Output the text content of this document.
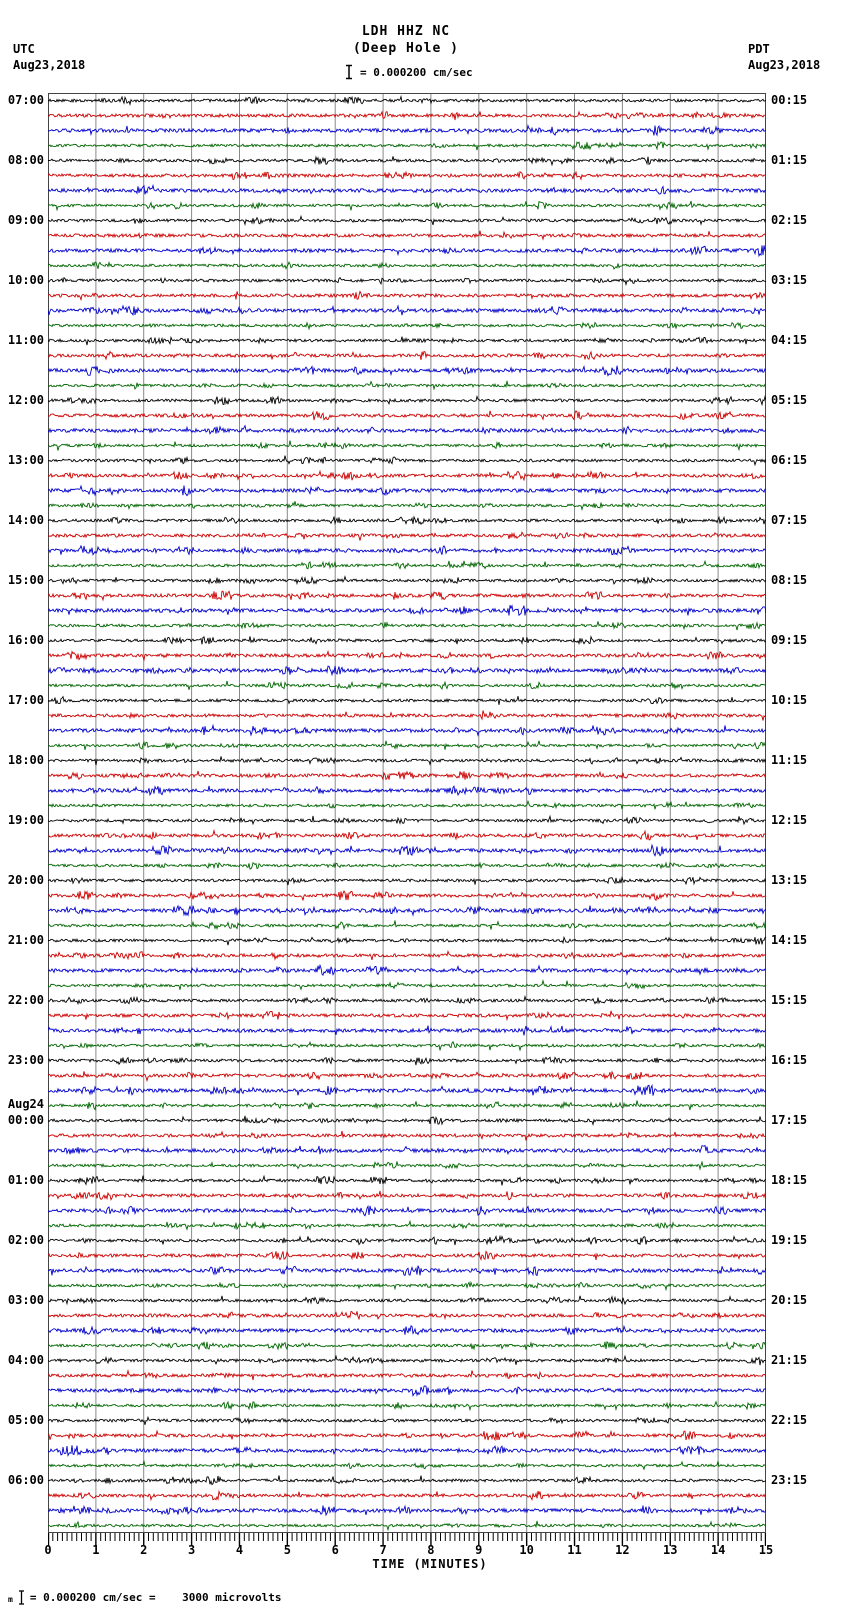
LDH HHZ NC
(Deep Hole )
UTC
Aug23,2018
PDT
Aug23,2018
= 0.000200 cm/sec
07:00	00:15
08:00	01:15
09:00	02:15
10:00	03:15
11:00	04:15
12:00	05:15
13:00	06:15
14:00	07:15
15:00	08:15
16:00	09:15
17:00	10:15
18:00	11:15
19:00	12:15
20:00	13:15
21:00	14:15
22:00	15:15
23:00	16:15
00:00	17:15
Aug24
01:00	18:15
02:00	19:15
03:00	20:15
04:00	21:15
05:00	22:15
06:00	23:15
0	1	2	3	4	5	6	7	8	9	10	11	12	13	14	15
TIME (MINUTES)
m = 0.000200 cm/sec =    3000 microvolts
